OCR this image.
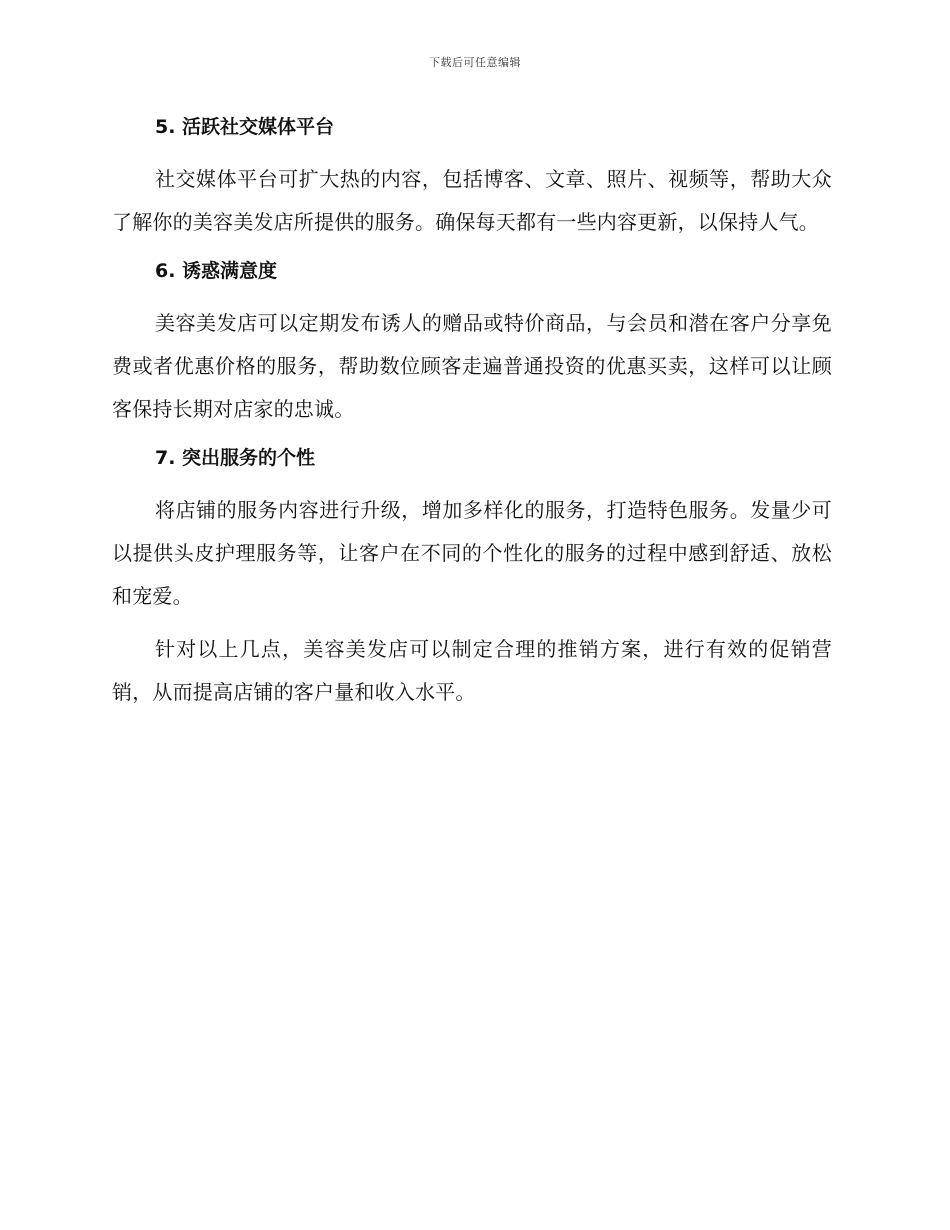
下载后可任意编辑
5. 活跃社交媒体平台

社交媒体平台可扩大热的内容，包括博客、文章、照片、视频等，帮助大众了解你的美容美发店所提供的服务。确保每天都有一些内容更新，以保持人气。

6. 诱惑满意度

美容美发店可以定期发布诱人的赠品或特价商品，与会员和潜在客户分享免费或者优惠价格的服务，帮助数位顾客走遍普通投资的优惠买卖，这样可以让顾客保持长期对店家的忠诚。

7. 突出服务的个性

将店铺的服务内容进行升级，增加多样化的服务，打造特色服务。发量少可以提供头皮护理服务等，让客户在不同的个性化的服务的过程中感到舒适、放松和宠爱。

针对以上几点，美容美发店可以制定合理的推销方案，进行有效的促销营销，从而提高店铺的客户量和收入水平。
